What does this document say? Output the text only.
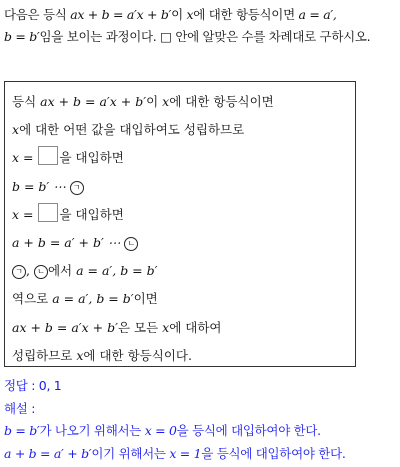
다음은 등식 ax + b = a′x + b′이 x에 대한 항등식이면 a = a′,
b = b′임을 보이는 과정이다. □ 안에 알맞은 수를 차례대로 구하시오.
등식 ax + b = a′x + b′이 x에 대한 항등식이면
x에 대한 어떤 값을 대입하여도 성립하므로
x = 을 대입하면
b = b′ ⋯ ㄱ
x = 을 대입하면
a + b = a′ + b′ ⋯ ㄴ
ㄱ , ㄴ 에서 a = a′, b = b′
역으로 a = a′, b = b′이면
ax + b = a′x + b′은 모든 x에 대하여
성립하므로 x에 대한 항등식이다.
정답 : 0, 1
해설 :
b = b′가 나오기 위해서는 x = 0을 등식에 대입하여야 한다.
a + b = a′ + b′이기 위해서는 x = 1을 등식에 대입하여야 한다.
